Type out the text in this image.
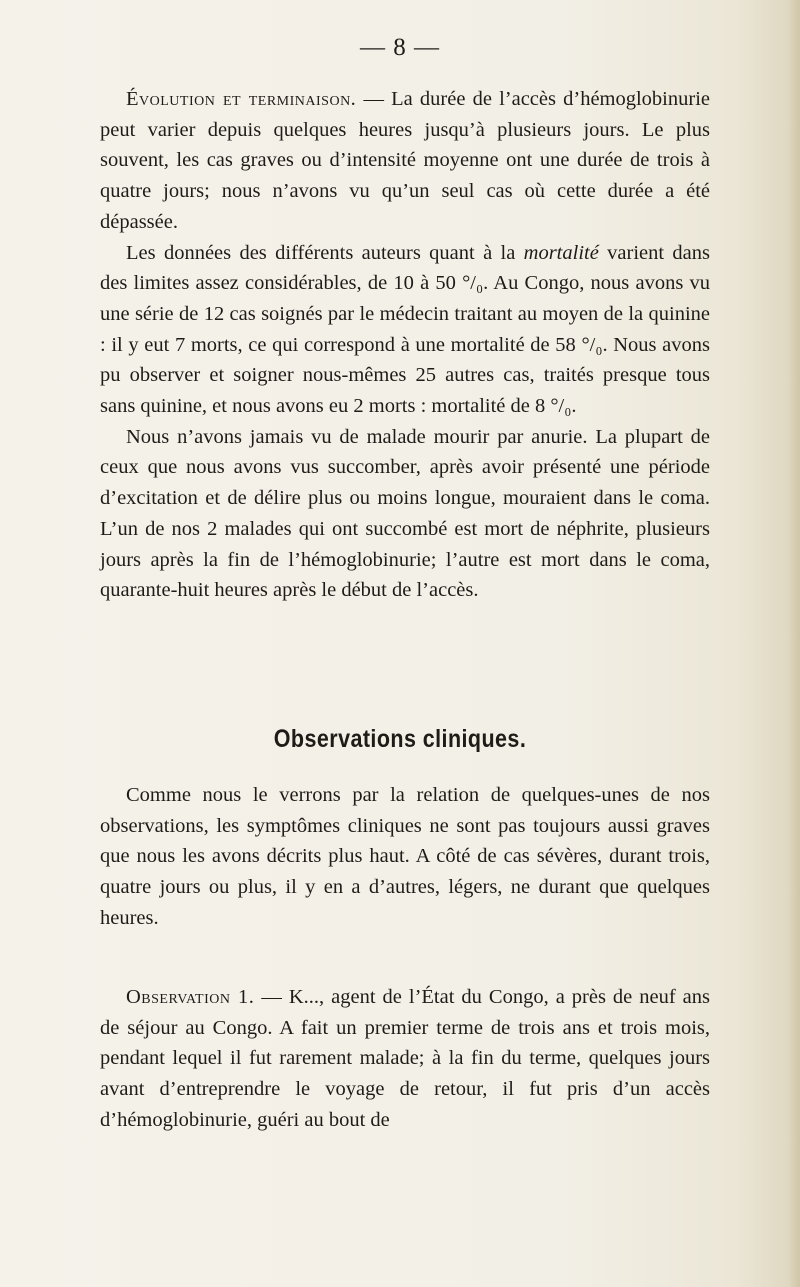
— 8 —

Évolution et terminaison. — La durée de l’accès d’hémoglobinurie peut varier depuis quelques heures jusqu’à plusieurs jours. Le plus souvent, les cas graves ou d’intensité moyenne ont une durée de trois à quatre jours; nous n’avons vu qu’un seul cas où cette durée a été dépassée.

Les données des différents auteurs quant à la mortalité varient dans des limites assez considérables, de 10 à 50 °/₀. Au Congo, nous avons vu une série de 12 cas soignés par le médecin traitant au moyen de la quinine : il y eut 7 morts, ce qui correspond à une mortalité de 58 °/₀. Nous avons pu observer et soigner nous-mêmes 25 autres cas, traités presque tous sans quinine, et nous avons eu 2 morts : mortalité de 8 °/₀.

Nous n’avons jamais vu de malade mourir par anurie. La plupart de ceux que nous avons vus succomber, après avoir présenté une période d’excitation et de délire plus ou moins longue, mouraient dans le coma. L’un de nos 2 malades qui ont succombé est mort de néphrite, plusieurs jours après la fin de l’hémoglobinurie; l’autre est mort dans le coma, quarante-huit heures après le début de l’accès.

Observations cliniques.

Comme nous le verrons par la relation de quelques-unes de nos observations, les symptômes cliniques ne sont pas toujours aussi graves que nous les avons décrits plus haut. A côté de cas sévères, durant trois, quatre jours ou plus, il y en a d’autres, légers, ne durant que quelques heures.

Observation 1. — K..., agent de l’État du Congo, a près de neuf ans de séjour au Congo. A fait un premier terme de trois ans et trois mois, pendant lequel il fut rarement malade; à la fin du terme, quelques jours avant d’entreprendre le voyage de retour, il fut pris d’un accès d’hémoglobinurie, guéri au bout de
